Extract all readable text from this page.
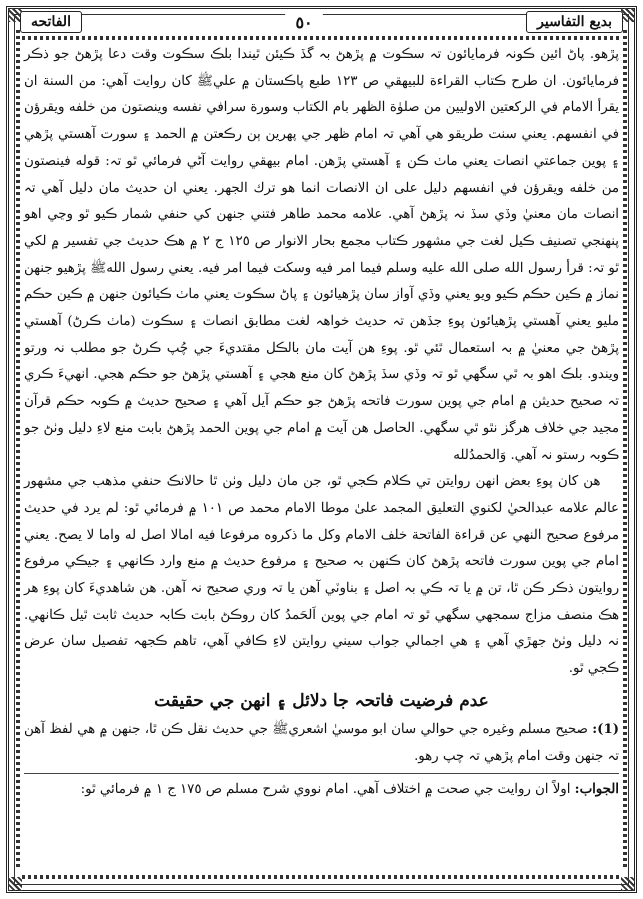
بديع التفاسير
٥٠
الفاتحه

پڙهو. پاڻ ائين ڪونہ فرمايائون تہ سڪوت ۾ پڙهڻ بہ گڏ ڪيئن ٿيندا بلڪ سڪوت وقت دعا پڙهڻ جو ذڪر فرمايائون. ان طرح ڪتاب القراءة للبيهقي ص ١٢٣ طبع پاڪستان ۾ عليﷺ کان روايت آهي: من السنة ان يقرأ الامام في الركعتين الاوليين من صلوٰة الظهر بام الكتاب وسورة سرافي نفسه وينصتون من خلفه ويقرؤن في انفسهم. يعني سنت طريقو هي آهي تہ امام ظهر جي پهرين ٻن رڪعتن ۾ الحمد ۽ سورت آهستي پڙهي ۽ پوين جماعتي انصات يعني ماٺ ڪن ۽ آهستي پڙهن. امام بيهقي روايت آڻي فرمائي ٿو تہ: قوله فينصتون من خلفه ويقرؤن في انفسهم دليل على ان الانصات انما هو ترك الجهر. يعني ان حديث مان دليل آهي تہ انصات مان معنيٰ وڏي سڏ نہ پڙهڻ آهي. علامه محمد طاهر فتني جنهن کي حنفي شمار ڪيو ٿو وڃي اهو پنهنجي تصنيف ڪيل لغت جي مشهور ڪتاب مجمع بحار الانوار ص ١٢٥ ج ٢ ۾ هڪ حديث جي تفسير ۾ لکي ٿو تہ: قرأ رسول الله صلى الله عليه وسلم فيما امر فيه وسكت فيما امر فيه. يعني رسول اللهﷺ پڙهيو جنهن نماز ۾ ڪين حڪم ڪيو ويو يعني وڏي آواز سان پڙهيائون ۽ پاڻ سڪوت يعني ماٺ ڪيائون جنهن ۾ ڪين حڪم مليو يعني آهستي پڙهيائون پوءِ جڏهن تہ حديث خواهہ لغت مطابق انصات ۽ سڪوت (ماٺ ڪرڻ) آهستي پڙهڻ جي معنيٰ ۾ بہ استعمال ٿئي ٿو. پوءِ هن آيت مان بالڪل مقتديءَ جي چُپ ڪرڻ جو مطلب نہ ورتو ويندو. بلڪ اهو بہ ٿي سگهي ٿو تہ وڏي سڏ پڙهڻ کان منع هجي ۽ آهستي پڙهڻ جو حڪم هجي. انهيءَ ڪري تہ صحيح حديثن ۾ امام جي پوين سورت فاتحه پڙهڻ جو حڪم آيل آهي ۽ صحيح حديث ۾ ڪوبہ حڪم قرآن مجيد جي خلاف هرگز نٿو ٿي سگهي. الحاصل هن آيت ۾ امام جي پوين الحمد پڙهڻ بابت منع لاءِ دليل وٺڻ جو ڪوبہ رستو نہ آهي. وَالحمدُلله

هن کان پوءِ بعض انهن روايتن تي ڪلام ڪجي ٿو، جن مان دليل وٺن ٿا حالانڪ حنفي مذهب جي مشهور عالم علامه عبدالحيٰ لکنوي التعليق المجمد علىٰ موطا الامام محمد ص ١٠١ ۾ فرمائي ٿو: لم يرد في حديث مرفوع صحيح النهي عن قراءة الفاتحة خلف الامام وكل ما ذكروه مرفوعا فيه امالا اصل له واما لا يصح. يعني امام جي پوين سورت فاتحه پڙهڻ کان ڪنهن بہ صحيح ۽ مرفوع حديث ۾ منع وارد ڪانهي ۽ جيڪي مرفوع روايتون ذڪر ڪن ٿا، تن ۾ يا تہ ڪي بہ اصل ۽ بناوٽي آهن يا تہ وري صحيح نہ آهن. هن شاهديءَ کان پوءِ هر هڪ منصف مزاج سمجهي سگهي ٿو تہ امام جي پوين اَلحَمدُ کان روڪڻ بابت ڪابہ حديث ثابت ٿيل ڪانهي. نہ دليل وٺڻ جهڙي آهي ۽ هي اجمالي جواب سيني روايتن لاءِ ڪافي آهي، تاهم ڪجهہ تفصيل سان عرض ڪجي ٿو.

عدم فرضيت فاتحہ جا دلائل ۽ انهن جي حقيقت

(1): صحيح مسلم وغيره جي حوالي سان ابو موسيٰ اشعريﷺ جي حديث نقل ڪن ٿا، جنهن ۾ هي لفظ آهن تہ جنهن وقت امام پڙهي تہ چپ رهو.

الجواب: اولاً ان روايت جي صحت ۾ اختلاف آهي. امام نووي شرح مسلم ص ١٧٥ ج ١ ۾ فرمائي ٿو:
